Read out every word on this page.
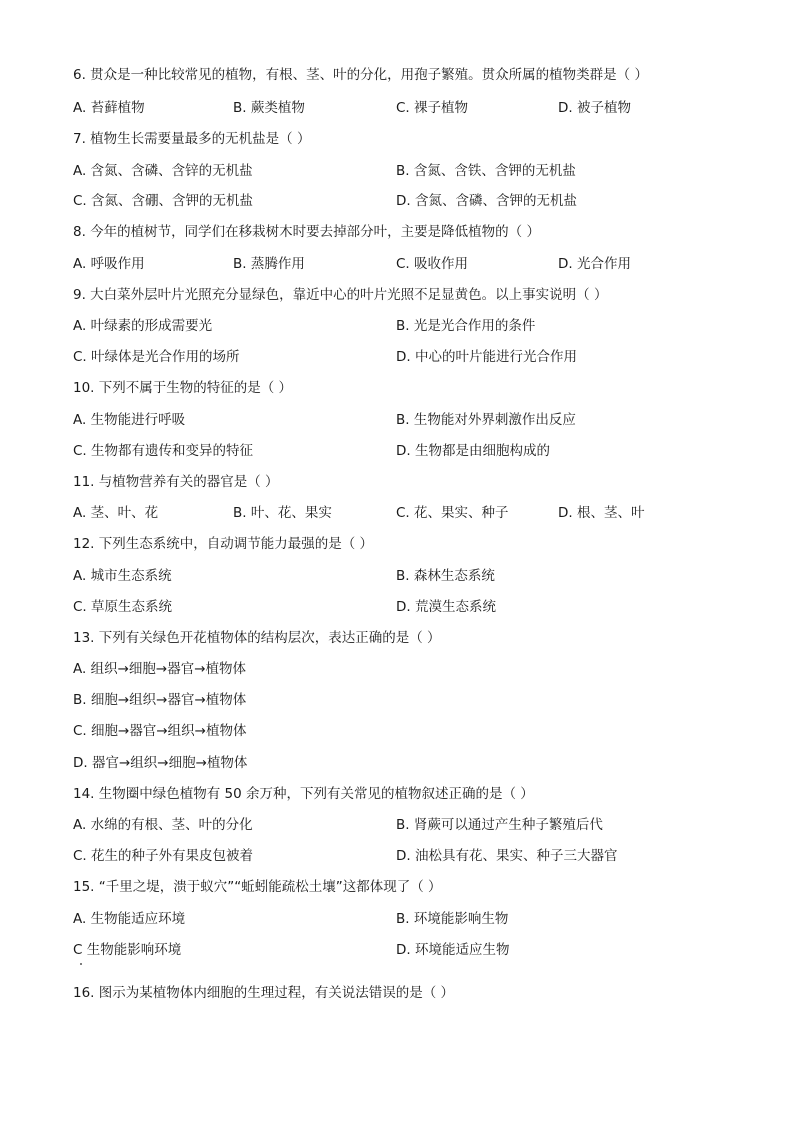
6. 贯众是一种比较常见的植物，有根、茎、叶的分化，用孢子繁殖。贯众所属的植物类群是（ ）
A. 苔藓植物	B. 蕨类植物	C. 裸子植物	D. 被子植物
7. 植物生长需要量最多的无机盐是（ ）
A. 含氮、含磷、含锌的无机盐	B. 含氮、含铁、含钾的无机盐
C. 含氮、含硼、含钾的无机盐	D. 含氮、含磷、含钾的无机盐
8. 今年的植树节，同学们在移栽树木时要去掉部分叶，主要是降低植物的（ ）
A. 呼吸作用	B. 蒸腾作用	C. 吸收作用	D. 光合作用
9. 大白菜外层叶片光照充分显绿色，靠近中心的叶片光照不足显黄色。以上事实说明（ ）
A. 叶绿素的形成需要光	B. 光是光合作用的条件
C. 叶绿体是光合作用的场所	D. 中心的叶片能进行光合作用
10. 下列不属于生物的特征的是（ ）
A. 生物能进行呼吸	B. 生物能对外界刺激作出反应
C. 生物都有遗传和变异的特征	D. 生物都是由细胞构成的
11. 与植物营养有关的器官是（ ）
A. 茎、叶、花	B. 叶、花、果实	C. 花、果实、种子	D. 根、茎、叶
12. 下列生态系统中，自动调节能力最强的是（ ）
A. 城市生态系统	B. 森林生态系统
C. 草原生态系统	D. 荒漠生态系统
13. 下列有关绿色开花植物体的结构层次，表达正确的是（ ）
A. 组织→细胞→器官→植物体
B. 细胞→组织→器官→植物体
C. 细胞→器官→组织→植物体
D. 器官→组织→细胞→植物体
14. 生物圈中绿色植物有 50 余万种，下列有关常见的植物叙述正确的是（ ）
A. 水绵的有根、茎、叶的分化	B. 肾蕨可以通过产生种子繁殖后代
C. 花生的种子外有果皮包被着	D. 油松具有花、果实、种子三大器官
15. “千里之堤，溃于蚁穴”“蚯蚓能疏松土壤”这都体现了（ ）
A. 生物能适应环境	B. 环境能影响生物
C 生物能影响环境	D. 环境能适应生物
16. 图示为某植物体内细胞的生理过程，有关说法错误的是（ ）
